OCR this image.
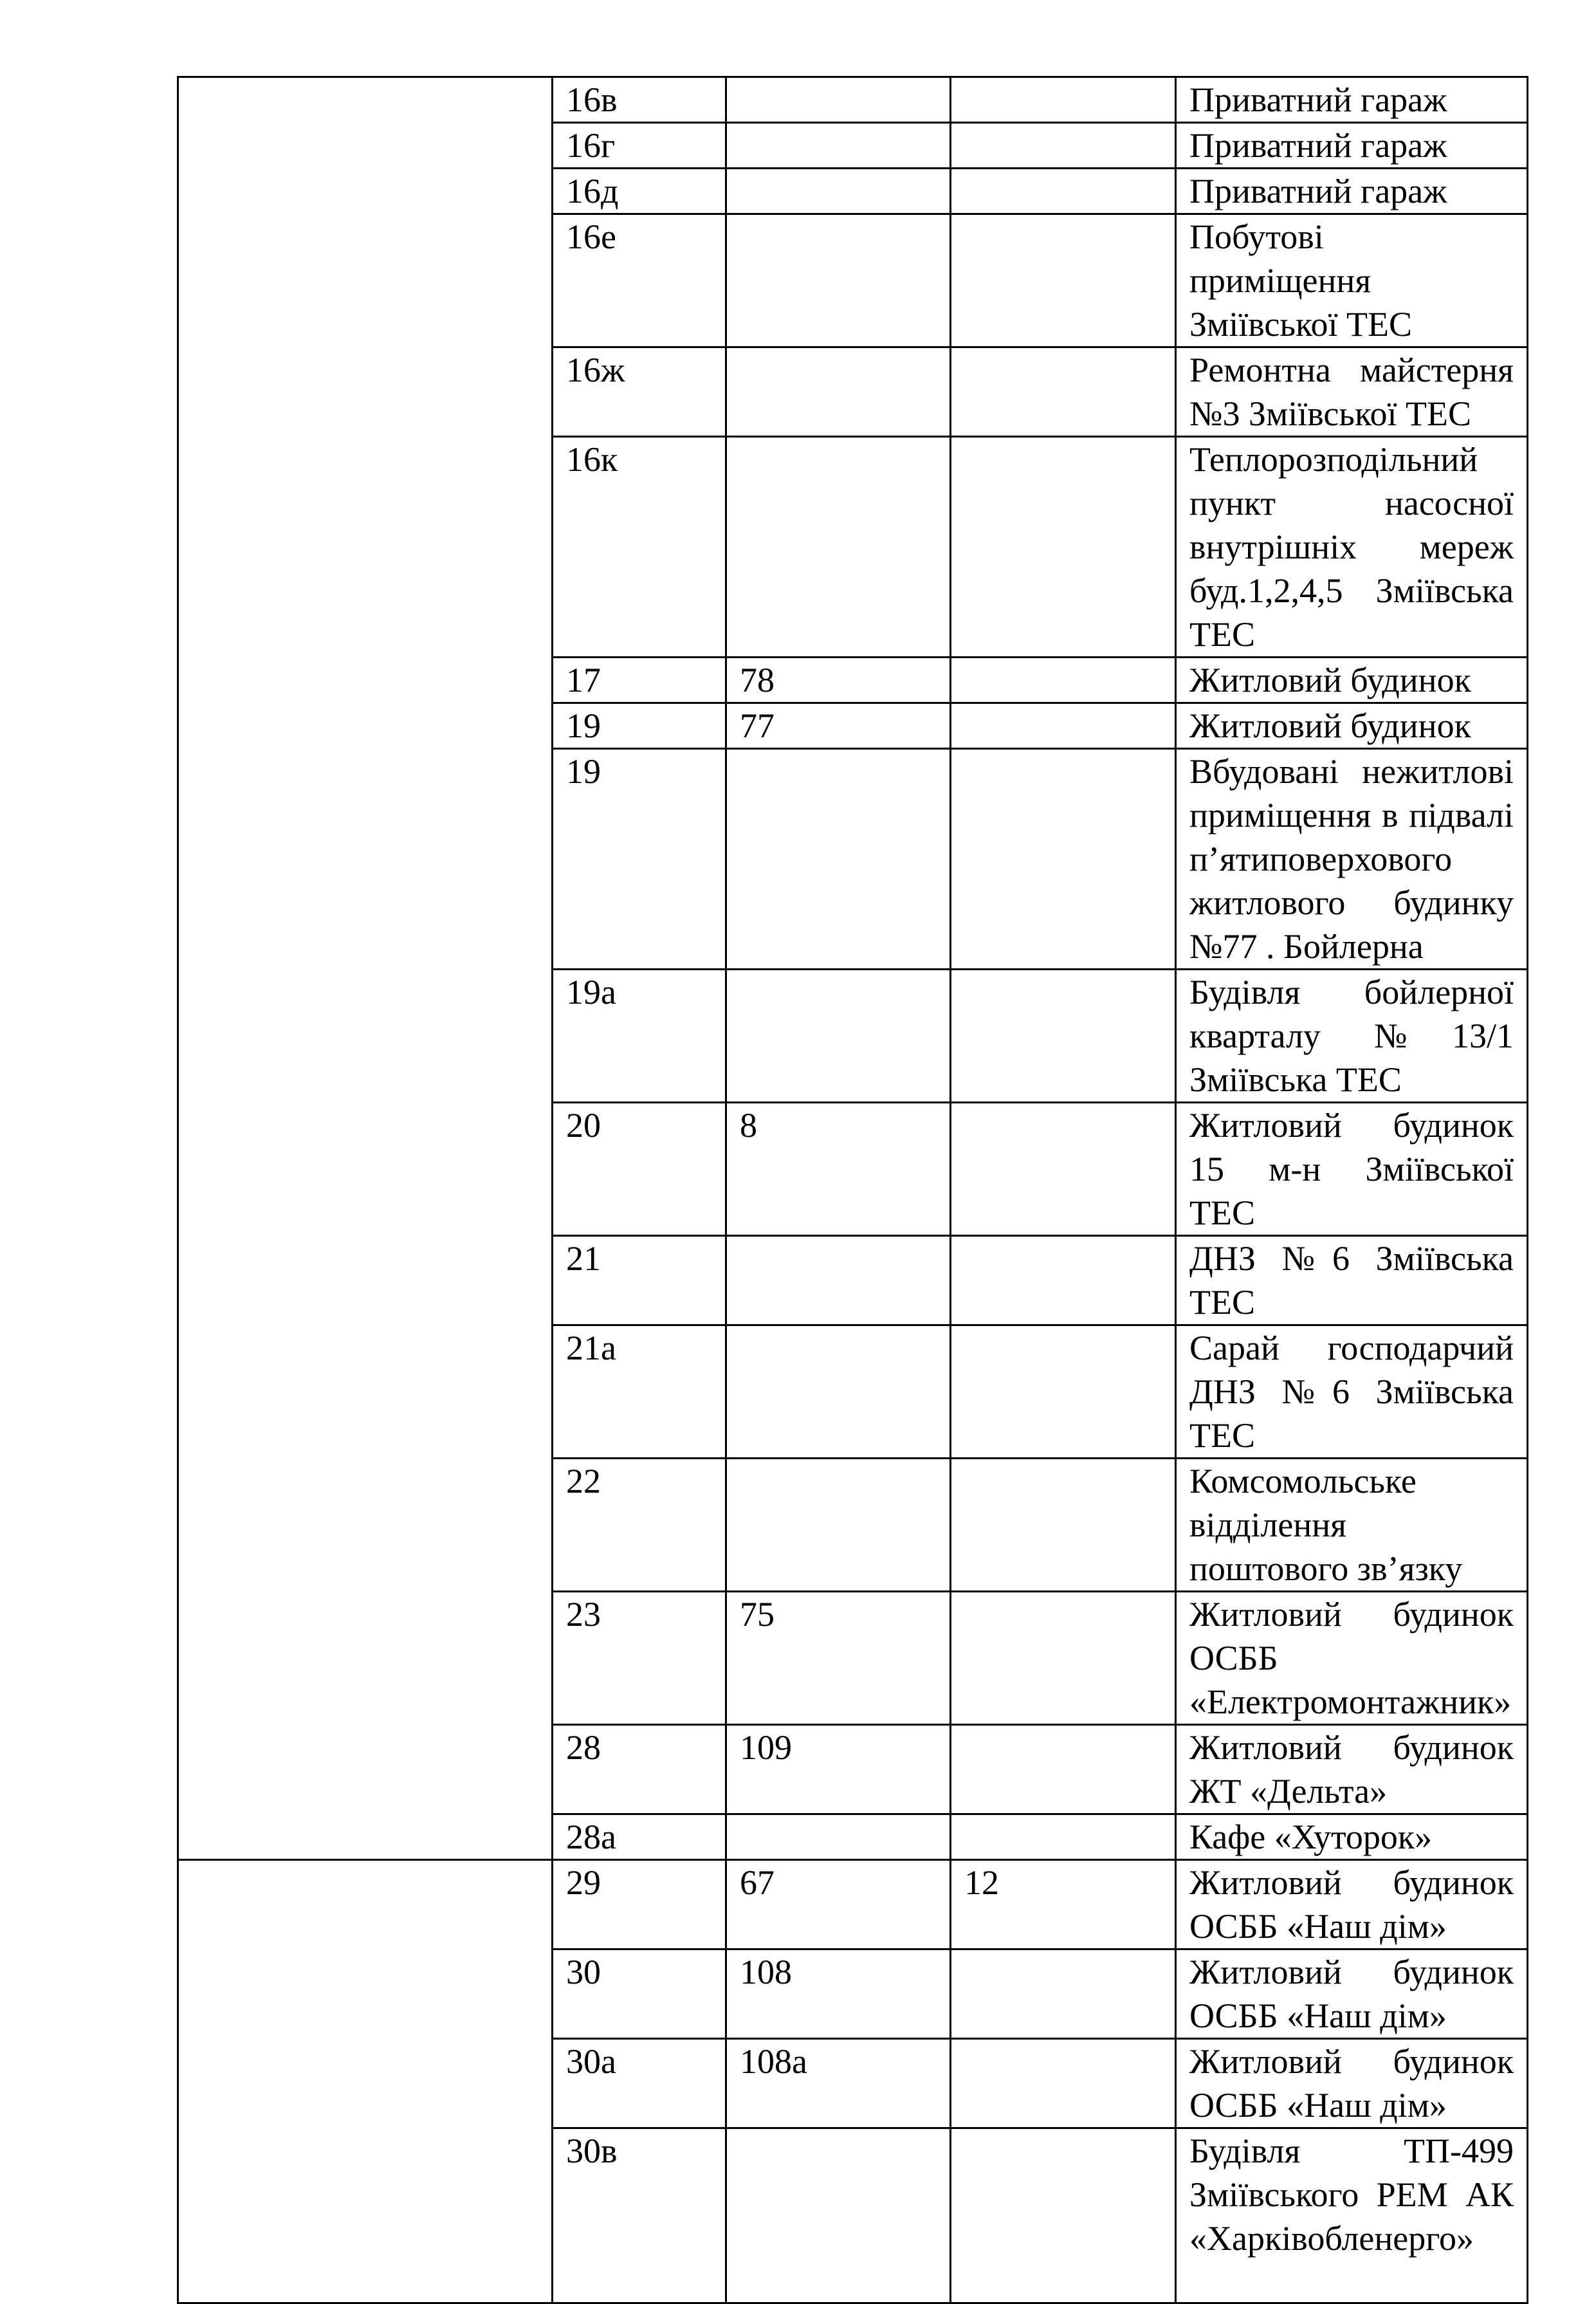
	16в			Приватний гараж
	16г			Приватний гараж
	16д			Приватний гараж
	16е			Побутові приміщення Зміївської ТЕС
	16ж			Ремонтна майстерня №3 Зміївської ТЕС
	16к			Теплорозподільний пункт насосної внутрішніх мереж буд.1,2,4,5 Зміївська ТЕС
	17	78		Житловий будинок
	19	77		Житловий будинок
	19			Вбудовані нежитлові приміщення в підвалі п’ятиповерхового житлового будинку №77 . Бойлерна
	19а			Будівля бойлерної кварталу №13/1 Зміївська ТЕС
	20	8		Житловий будинок 15 м-н Зміївської ТЕС
	21			ДНЗ №6 Зміївська ТЕС
	21а			Сарай господарчий ДНЗ №6 Зміївська ТЕС
	22			Комсомольське відділення поштового зв’язку
	23	75		Житловий будинок ОСББ «Електромонтажник»
	28	109		Житловий будинок ЖТ «Дельта»
	28а			Кафе «Хуторок»
	29	67	12	Житловий будинок ОСББ «Наш дім»
	30	108		Житловий будинок ОСББ «Наш дім»
	30а	108а		Житловий будинок ОСББ «Наш дім»
	30в			Будівля ТП-499 Зміївського РЕМ АК «Харківобленерго»
